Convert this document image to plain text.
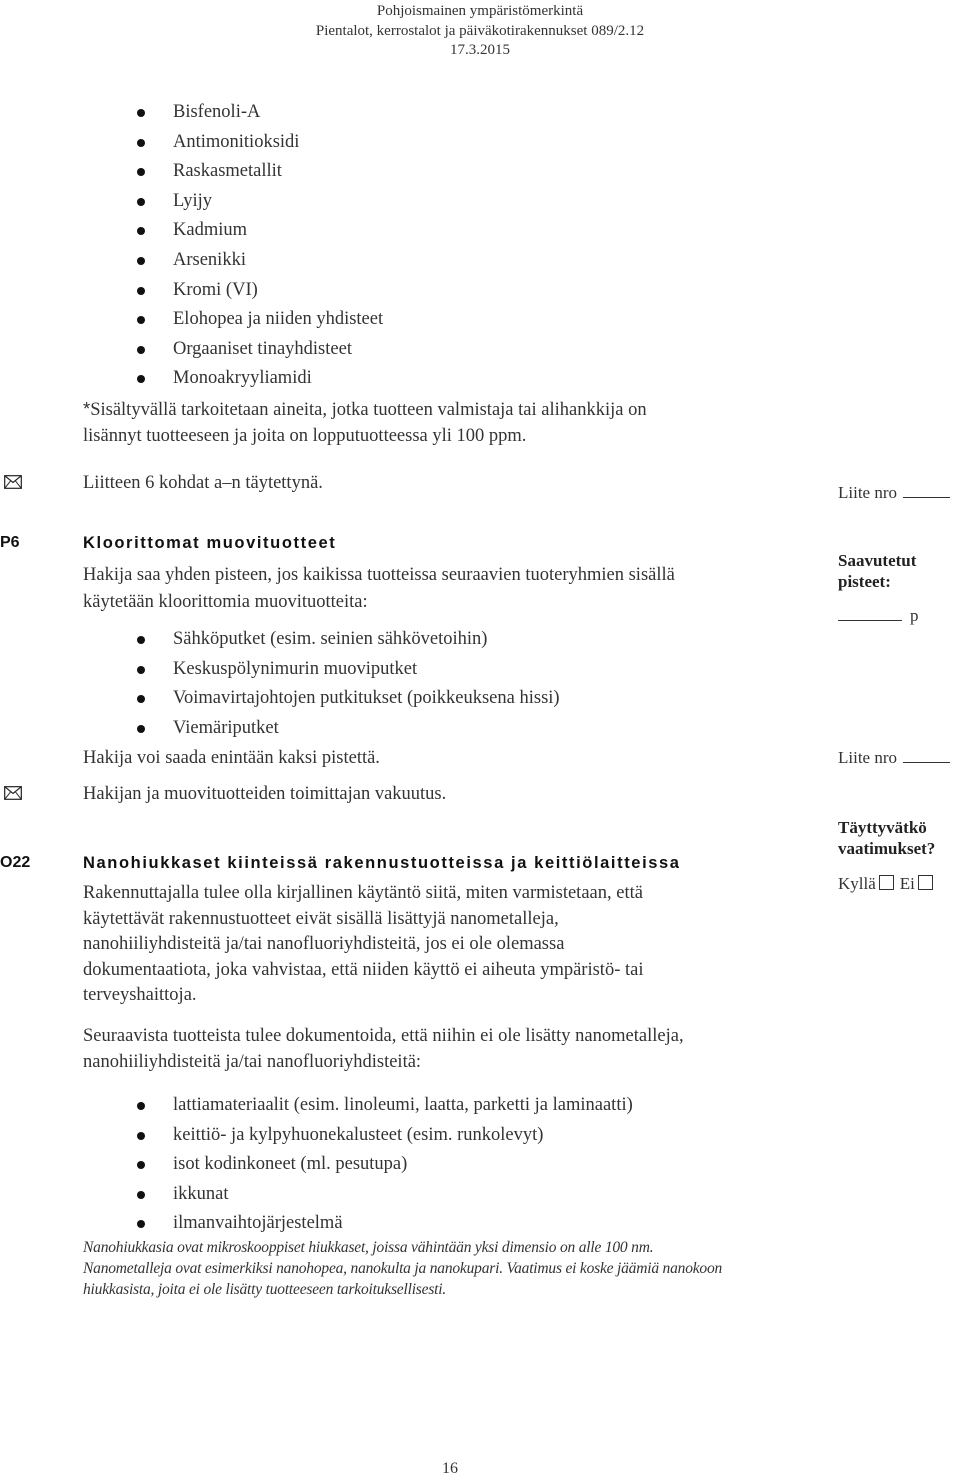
Pohjoismainen ympäristömerkintä
Pientalot, kerrostalot ja päiväkotirakennukset 089/2.12
17.3.2015
Bisfenoli-A
Antimonitioksidi
Raskasmetallit
Lyijy
Kadmium
Arsenikki
Kromi (VI)
Elohopea ja niiden yhdisteet
Orgaaniset tinayhdisteet
Monoakryyliamidi
*Sisältyvällä tarkoitetaan aineita, jotka tuotteen valmistaja tai alihankkija on
lisännyt tuotteeseen ja joita on lopputuotteessa yli 100 ppm.
Liitteen 6 kohdat a–n täytettynä.	Liite nro
P6	Kloorittomat muovituotteet
Hakija saa yhden pisteen, jos kaikissa tuotteissa seuraavien tuoteryhmien sisällä
käytetään kloorittomia muovituotteita:
Sähköputket (esim. seinien sähkövetoihin)
Keskuspölynimurin muoviputket
Voimavirtajohtojen putkitukset (poikkeuksena hissi)
Viemäriputket
Hakija voi saada enintään kaksi pistettä.
Saavutetut
pisteet:
p
Liite nro
Hakijan ja muovituotteiden toimittajan vakuutus.
Täyttyvätkö
vaatimukset?
Kyllä Ei
O22	Nanohiukkaset kiinteissä rakennustuotteissa ja keittiölaitteissa
Rakennuttajalla tulee olla kirjallinen käytäntö siitä, miten varmistetaan, että
käytettävät rakennustuotteet eivät sisällä lisättyjä nanometalleja,
nanohiiliyhdisteitä ja/tai nanofluoriyhdisteitä, jos ei ole olemassa
dokumentaatiota, joka vahvistaa, että niiden käyttö ei aiheuta ympäristö- tai
terveyshaittoja.
Seuraavista tuotteista tulee dokumentoida, että niihin ei ole lisätty nanometalleja,
nanohiiliyhdisteitä ja/tai nanofluoriyhdisteitä:
lattiamateriaalit (esim. linoleumi, laatta, parketti ja laminaatti)
keittiö- ja kylpyhuonekalusteet (esim. runkolevyt)
isot kodinkoneet (ml. pesutupa)
ikkunat
ilmanvaihtojärjestelmä
Nanohiukkasia ovat mikroskooppiset hiukkaset, joissa vähintään yksi dimensio on alle 100 nm.
Nanometalleja ovat esimerkiksi nanohopea, nanokulta ja nanokupari. Vaatimus ei koske jäämiä nanokoon
hiukkasista, joita ei ole lisätty tuotteeseen tarkoituksellisesti.
16
